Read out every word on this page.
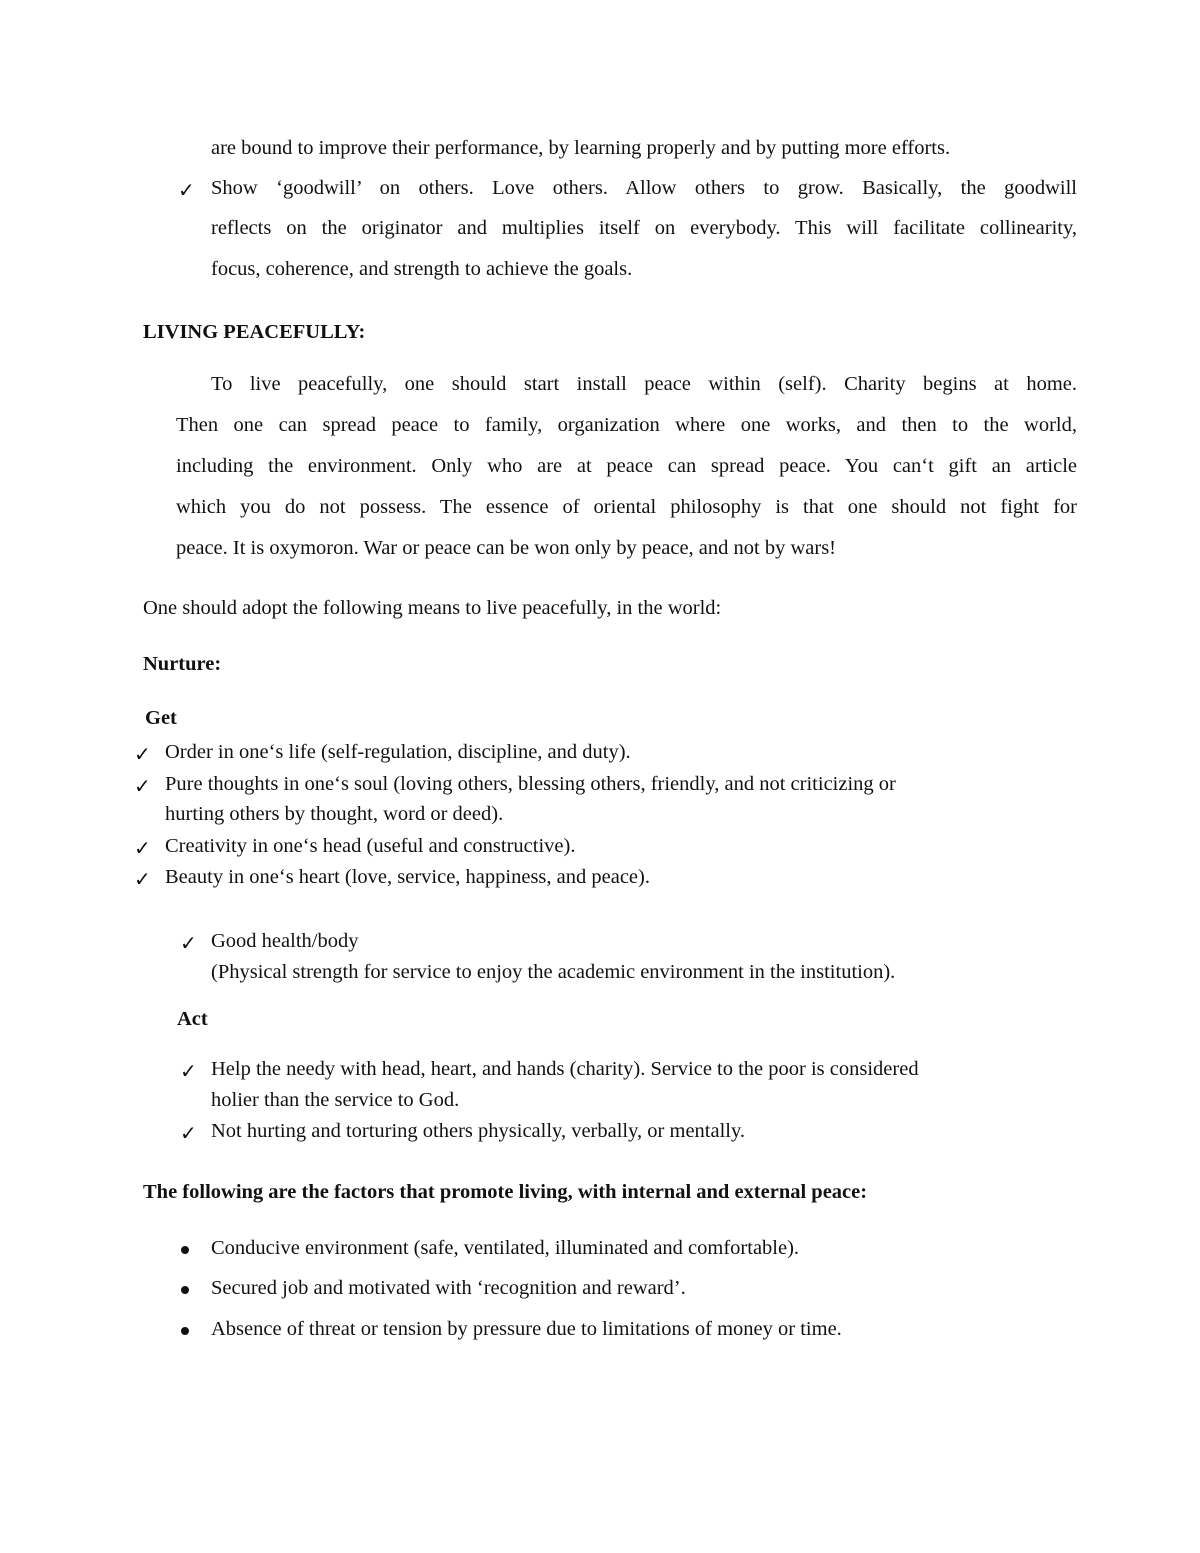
are bound to improve their performance, by learning properly and by putting more efforts.
✓ Show ‘goodwill’ on others. Love others. Allow others to grow. Basically, the goodwill
reflects on the originator and multiplies itself on everybody. This will facilitate collinearity,
focus, coherence, and strength to achieve the goals.
LIVING PEACEFULLY:
To live peacefully, one should start install peace within (self). Charity begins at home.
Then one can spread peace to family, organization where one works, and then to the world,
including the environment. Only who are at peace can spread peace. You can‘t gift an article
which you do not possess. The essence of oriental philosophy is that one should not fight for
peace. It is oxymoron. War or peace can be won only by peace, and not by wars!
One should adopt the following means to live peacefully, in the world:
Nurture:
Get
✓ Order in one‘s life (self-regulation, discipline, and duty).
✓ Pure thoughts in one‘s soul (loving others, blessing others, friendly, and not criticizing or
hurting others by thought, word or deed).
✓ Creativity in one‘s head (useful and constructive).
✓ Beauty in one‘s heart (love, service, happiness, and peace).
✓ Good health/body
(Physical strength for service to enjoy the academic environment in the institution).
Act
✓ Help the needy with head, heart, and hands (charity). Service to the poor is considered
holier than the service to God.
✓ Not hurting and torturing others physically, verbally, or mentally.
The following are the factors that promote living, with internal and external peace:
Conducive environment (safe, ventilated, illuminated and comfortable).
Secured job and motivated with ‘recognition and reward’.
Absence of threat or tension by pressure due to limitations of money or time.
